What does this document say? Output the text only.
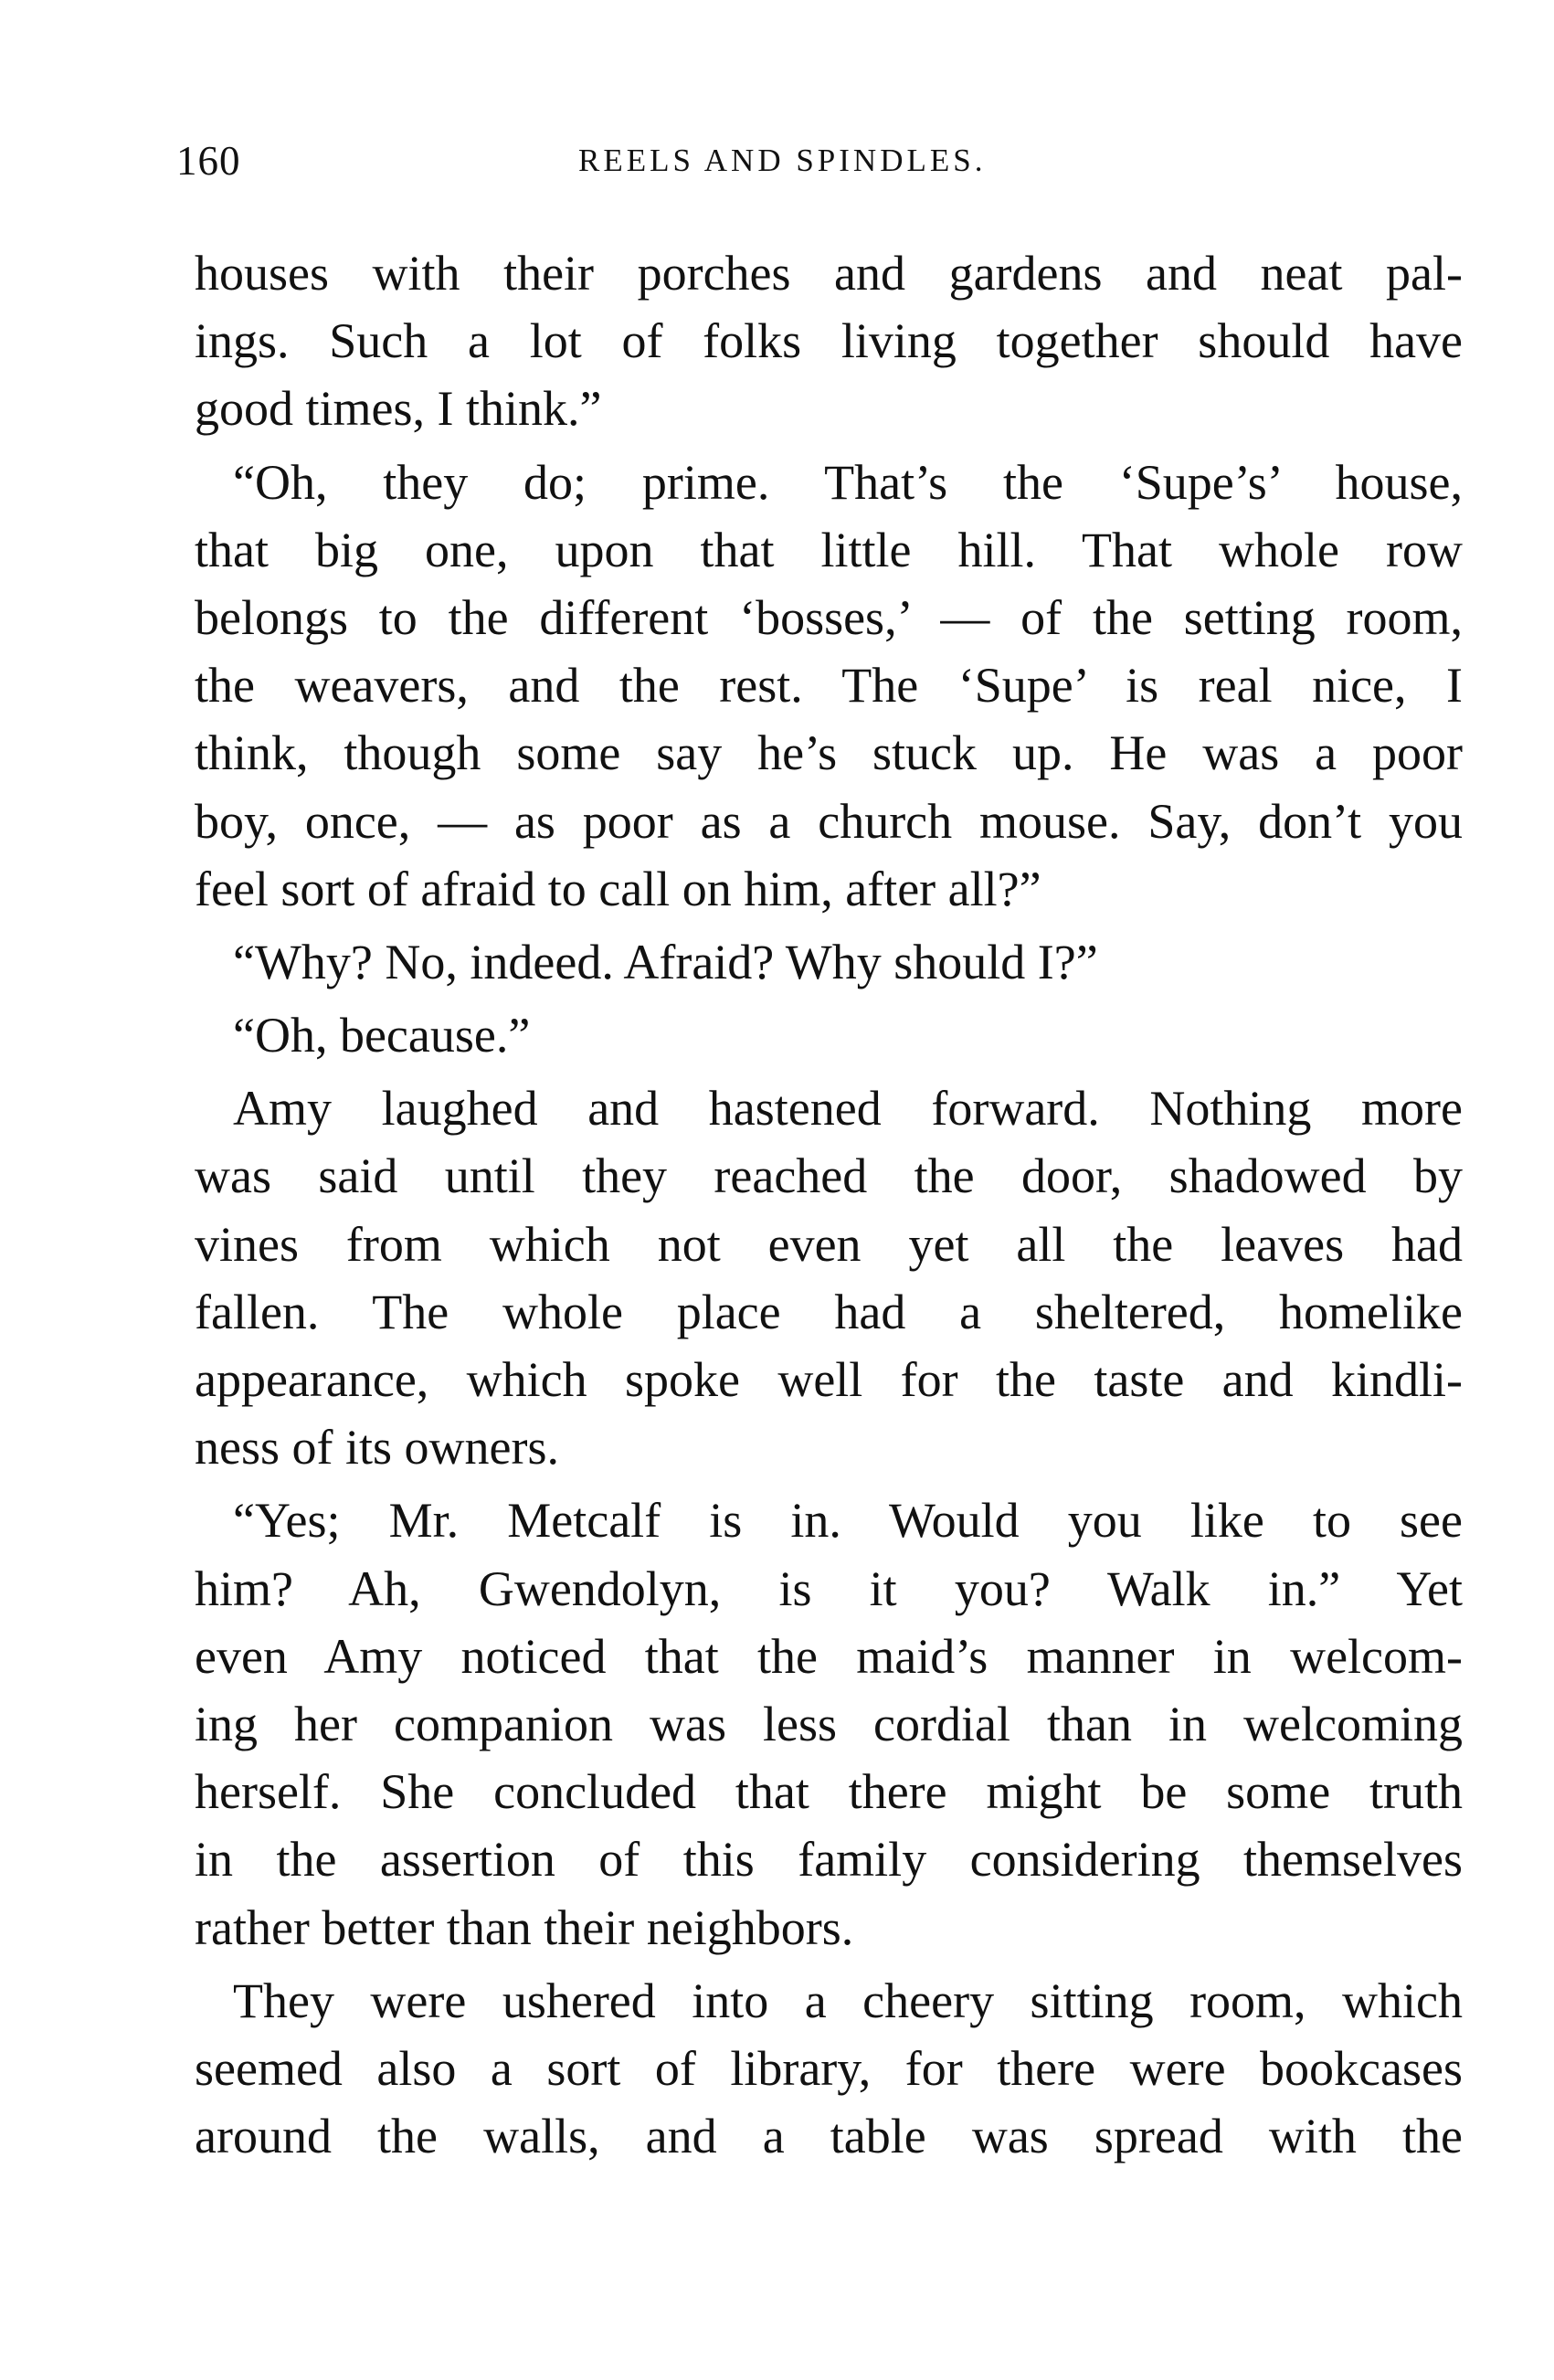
160	REELS AND SPINDLES.
houses with their porches and gardens and neat pal-
ings. Such a lot of folks living together should have
good times, I think.”
“Oh, they do; prime. That’s the ‘Supe’s’ house,
that big one, upon that little hill. That whole row
belongs to the different ‘bosses,’ — of the setting room,
the weavers, and the rest. The ‘Supe’ is real nice, I
think, though some say he’s stuck up. He was a poor
boy, once, — as poor as a church mouse. Say, don’t you
feel sort of afraid to call on him, after all?”
“Why? No, indeed. Afraid? Why should I?”
“Oh, because.”
Amy laughed and hastened forward. Nothing more
was said until they reached the door, shadowed by
vines from which not even yet all the leaves had
fallen. The whole place had a sheltered, homelike
appearance, which spoke well for the taste and kindli-
ness of its owners.
“Yes; Mr. Metcalf is in. Would you like to see
him? Ah, Gwendolyn, is it you? Walk in.” Yet
even Amy noticed that the maid’s manner in welcom-
ing her companion was less cordial than in welcoming
herself. She concluded that there might be some truth
in the assertion of this family considering themselves
rather better than their neighbors.
They were ushered into a cheery sitting room, which
seemed also a sort of library, for there were bookcases
around the walls, and a table was spread with the
